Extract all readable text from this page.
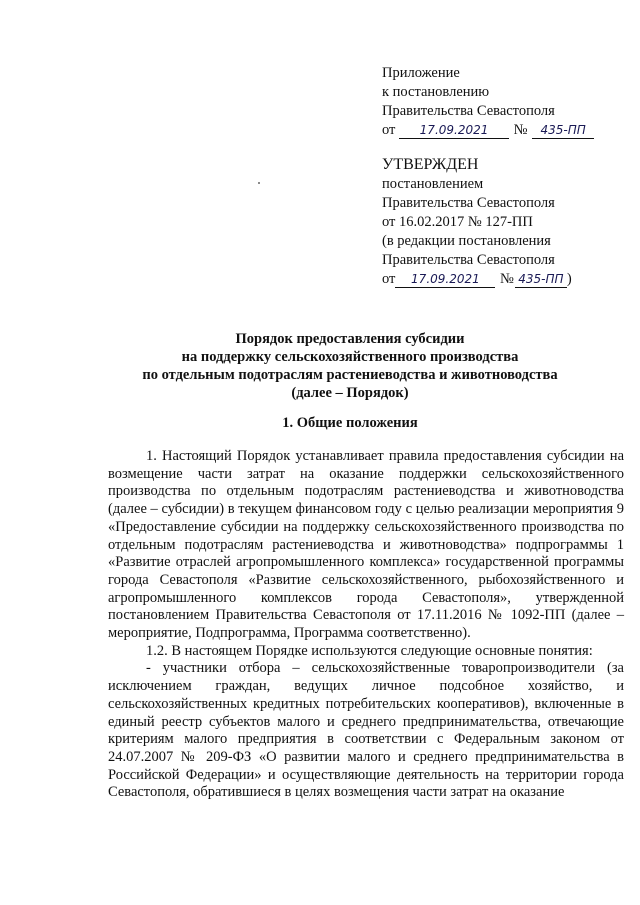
Приложение
к постановлению
Правительства Севастополя
от 17.09.2021 № 435-ПП
УТВЕРЖДЕН
постановлением
Правительства Севастополя
от 16.02.2017 № 127-ПП
(в редакции постановления
Правительства Севастополя
от 17.09.2021 № 435-ПП )
Порядок предоставления субсидии
на поддержку сельскохозяйственного производства
по отдельным подотраслям растениеводства и животноводства
(далее – Порядок)
1. Общие положения

1. Настоящий Порядок устанавливает правила предоставления субсидии на возмещение части затрат на оказание поддержки сельскохозяйственного производства по отдельным подотраслям растениеводства и животноводства (далее – субсидии) в текущем финансовом году с целью реализации мероприятия 9 «Предоставление субсидии на поддержку сельскохозяйственного производства по отдельным подотраслям растениеводства и животноводства» подпрограммы 1 «Развитие отраслей агропромышленного комплекса» государственной программы города Севастополя «Развитие сельскохозяйственного, рыбохозяйственного и агропромышленного комплексов города Севастополя», утвержденной постановлением Правительства Севастополя от 17.11.2016 № 1092-ПП (далее – мероприятие, Подпрограмма, Программа соответственно).

1.2. В настоящем Порядке используются следующие основные понятия:

- участники отбора – сельскохозяйственные товаропроизводители (за исключением граждан, ведущих личное подсобное хозяйство, и сельскохозяйственных кредитных потребительских кооперативов), включенные в единый реестр субъектов малого и среднего предпринимательства, отвечающие критериям малого предприятия в соответствии с Федеральным законом от 24.07.2007 № 209-ФЗ «О развитии малого и среднего предпринимательства в Российской Федерации» и осуществляющие деятельность на территории города Севастополя, обратившиеся в целях возмещения части затрат на оказание
